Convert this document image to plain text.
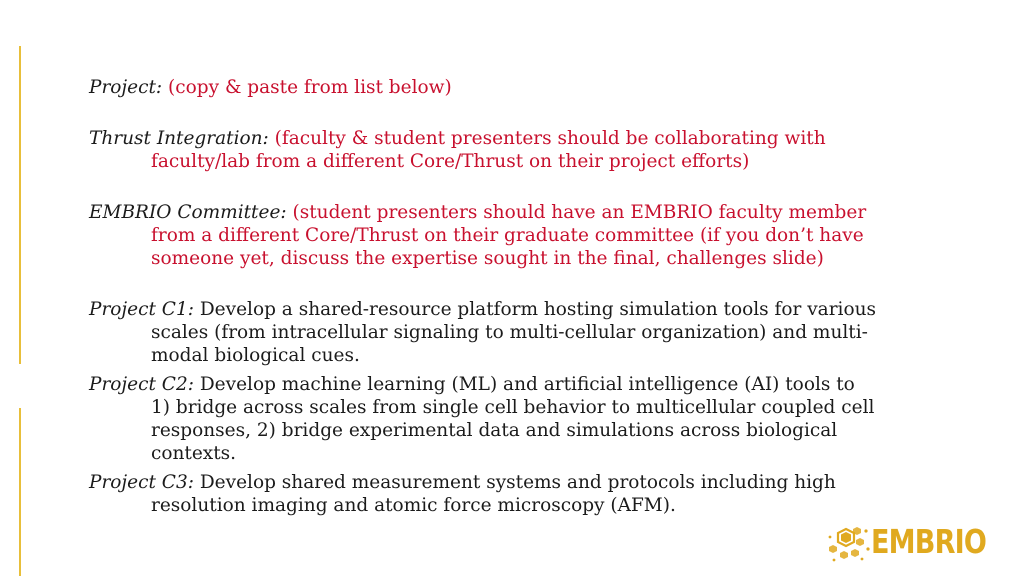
Project: (copy & paste from list below)

Thrust Integration: (faculty & student presenters should be collaborating with faculty/lab from a different Core/Thrust on their project efforts)

EMBRIO Committee: (student presenters should have an EMBRIO faculty member from a different Core/Thrust on their graduate committee (if you don’t have someone yet, discuss the expertise sought in the final, challenges slide)

Project C1: Develop a shared-resource platform hosting simulation tools for various scales (from intracellular signaling to multi-cellular organization) and multi-modal biological cues.

Project C2: Develop machine learning (ML) and artificial intelligence (AI) tools to 1) bridge across scales from single cell behavior to multicellular coupled cell responses, 2) bridge experimental data and simulations across biological contexts.

Project C3: Develop shared measurement systems and protocols including high resolution imaging and atomic force microscopy (AFM).

EMBRIO
